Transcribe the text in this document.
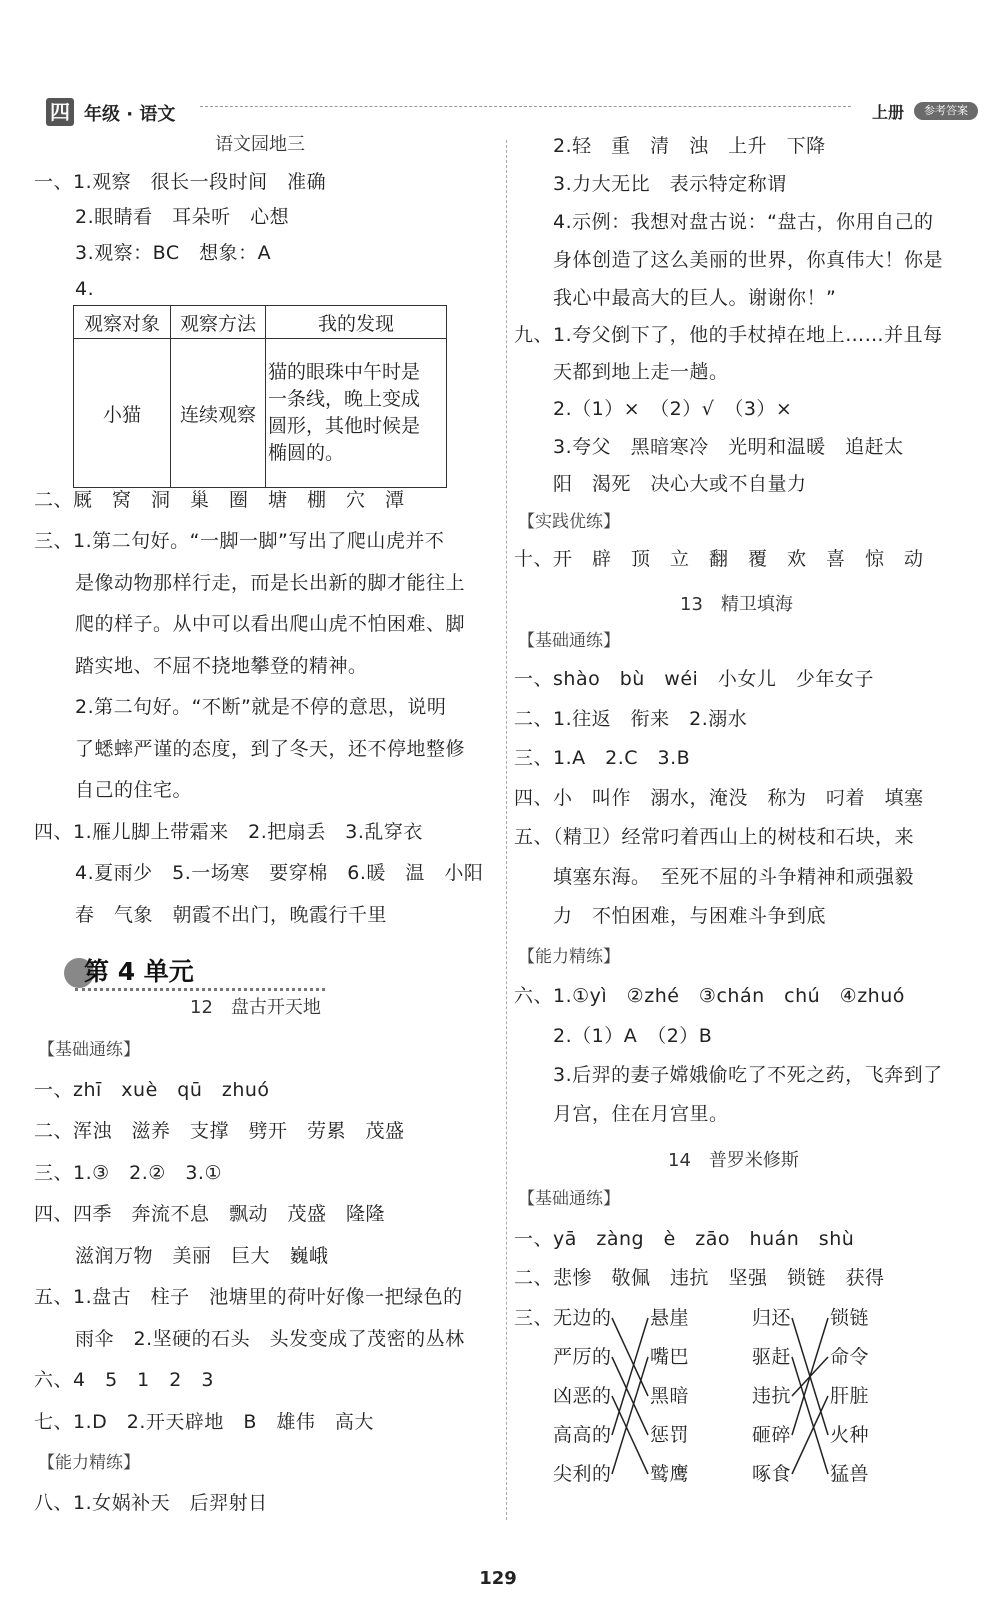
四 年级 · 语文	上册	参考答案
语文园地三
一、1.观察　很长一段时间　准确
2.眼睛看　耳朵听　心想
3.观察：BC　想象：A
4.
观察对象	观察方法	我的发现
小猫	连续观察	猫的眼珠中午时是
一条线，晚上变成
圆形，其他时候是
椭圆的。
二、厩　窝　洞　巢　圈　塘　棚　穴　潭
三、1.第二句好。“一脚一脚”写出了爬山虎并不
是像动物那样行走，而是长出新的脚才能往上
爬的样子。从中可以看出爬山虎不怕困难、脚
踏实地、不屈不挠地攀登的精神。
2.第二句好。“不断”就是不停的意思，说明
了蟋蟀严谨的态度，到了冬天，还不停地整修
自己的住宅。
四、1.雁儿脚上带霜来　2.把扇丢　3.乱穿衣
4.夏雨少　5.一场寒　要穿棉　6.暖　温　小阳
春　气象　朝霞不出门，晚霞行千里
第 4 单元
12　盘古开天地
【基础通练】
一、zhī　xuè　qū　zhuó
二、浑浊　滋养　支撑　劈开　劳累　茂盛
三、1.③　2.②　3.①
四、四季　奔流不息　飘动　茂盛　隆隆
滋润万物　美丽　巨大　巍峨
五、1.盘古　柱子　池塘里的荷叶好像一把绿色的
雨伞　2.坚硬的石头　头发变成了茂密的丛林
六、4　5　1　2　3
七、1.D　2.开天辟地　B　雄伟　高大
【能力精练】
八、1.女娲补天　后羿射日
2.轻　重　清　浊　上升　下降
3.力大无比　表示特定称谓
4.示例：我想对盘古说：“盘古，你用自己的
身体创造了这么美丽的世界，你真伟大！你是
我心中最高大的巨人。谢谢你！”
九、1.夸父倒下了，他的手杖掉在地上……并且每
天都到地上走一趟。
2.（1）×　（2）√　（3）×
3.夸父　黑暗寒冷　光明和温暖　追赶太
阳　渴死　决心大或不自量力
【实践优练】
十、开　辟　顶　立　翻　覆　欢　喜　惊　动
13　精卫填海
【基础通练】
一、shào　bù　wéi　小女儿　少年女子
二、1.往返　衔来　2.溺水
三、1.A　2.C　3.B
四、小　叫作　溺水，淹没　称为　叼着　填塞
五、（精卫）经常叼着西山上的树枝和石块，来
填塞东海。　至死不屈的斗争精神和顽强毅
力　不怕困难，与困难斗争到底
【能力精练】
六、1.①yì　②zhé　③chán　chú　④zhuó
2.（1）A　（2）B
3.后羿的妻子嫦娥偷吃了不死之药，飞奔到了
月宫，住在月宫里。
14　普罗米修斯
【基础通练】
一、yā　zàng　è　zāo　huán　shù
二、悲惨　敬佩　违抗　坚强　锁链　获得
三、 无边的
严厉的
凶恶的
高高的
尖利的
悬崖
嘴巴
黑暗
惩罚
鹫鹰
归还
驱赶
违抗
砸碎
啄食
锁链
命令
肝脏
火种
猛兽
129
